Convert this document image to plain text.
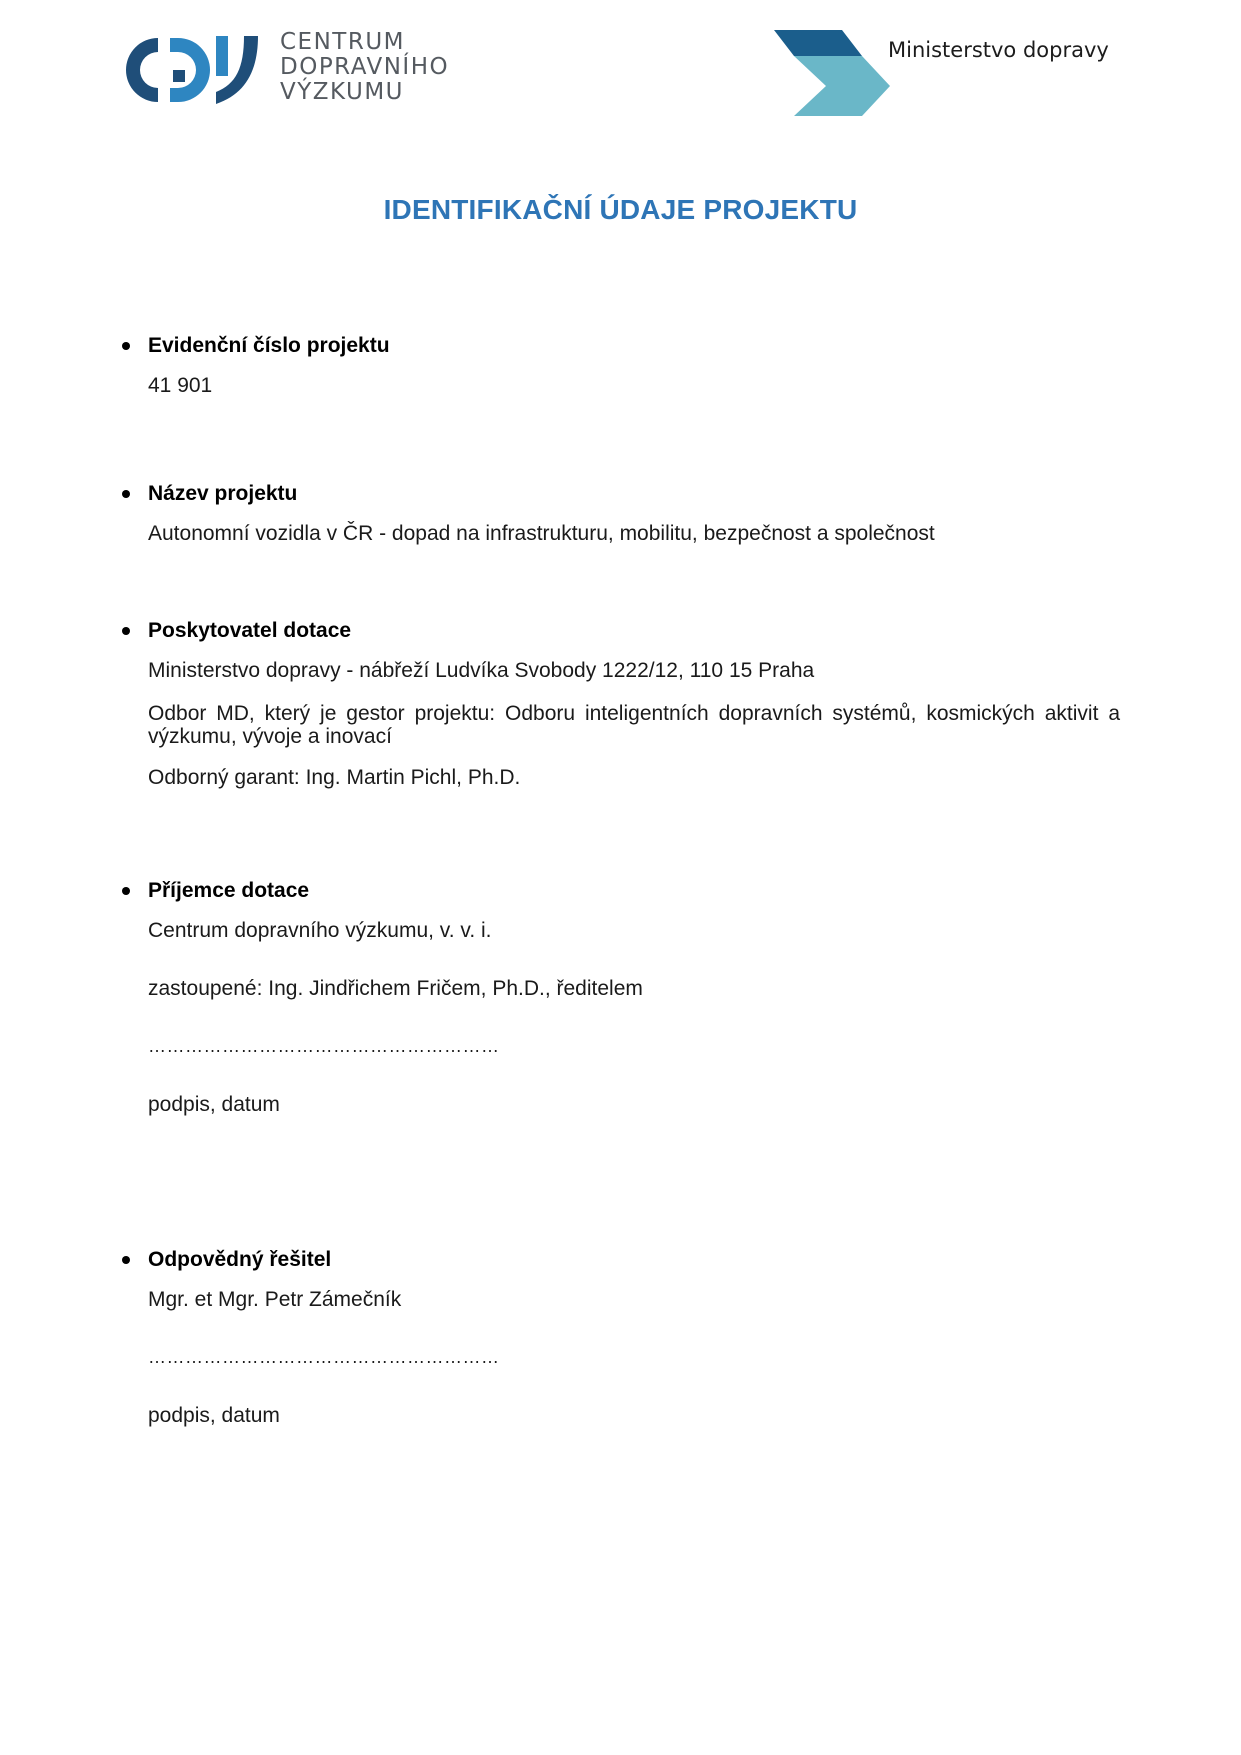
CENTRUM
DOPRAVNÍHO
VÝZKUMU
Ministerstvo dopravy
IDENTIFIKAČNÍ ÚDAJE PROJEKTU

Evidenční číslo projektu

41 901

Název projektu

Autonomní vozidla v ČR - dopad na infrastrukturu, mobilitu, bezpečnost a společnost

Poskytovatel dotace

Ministerstvo dopravy - nábřeží Ludvíka Svobody 1222/12, 110 15 Praha

Odbor MD, který je gestor projektu: Odboru inteligentních dopravních systémů, kosmických aktivit a výzkumu, vývoje a inovací

Odborný garant: Ing. Martin Pichl, Ph.D.

Příjemce dotace

Centrum dopravního výzkumu, v. v. i.

zastoupené: Ing. Jindřichem Fričem, Ph.D., ředitelem

…………………………………………………

podpis, datum

Odpovědný řešitel

Mgr. et Mgr. Petr Zámečník

…………………………………………………

podpis, datum
